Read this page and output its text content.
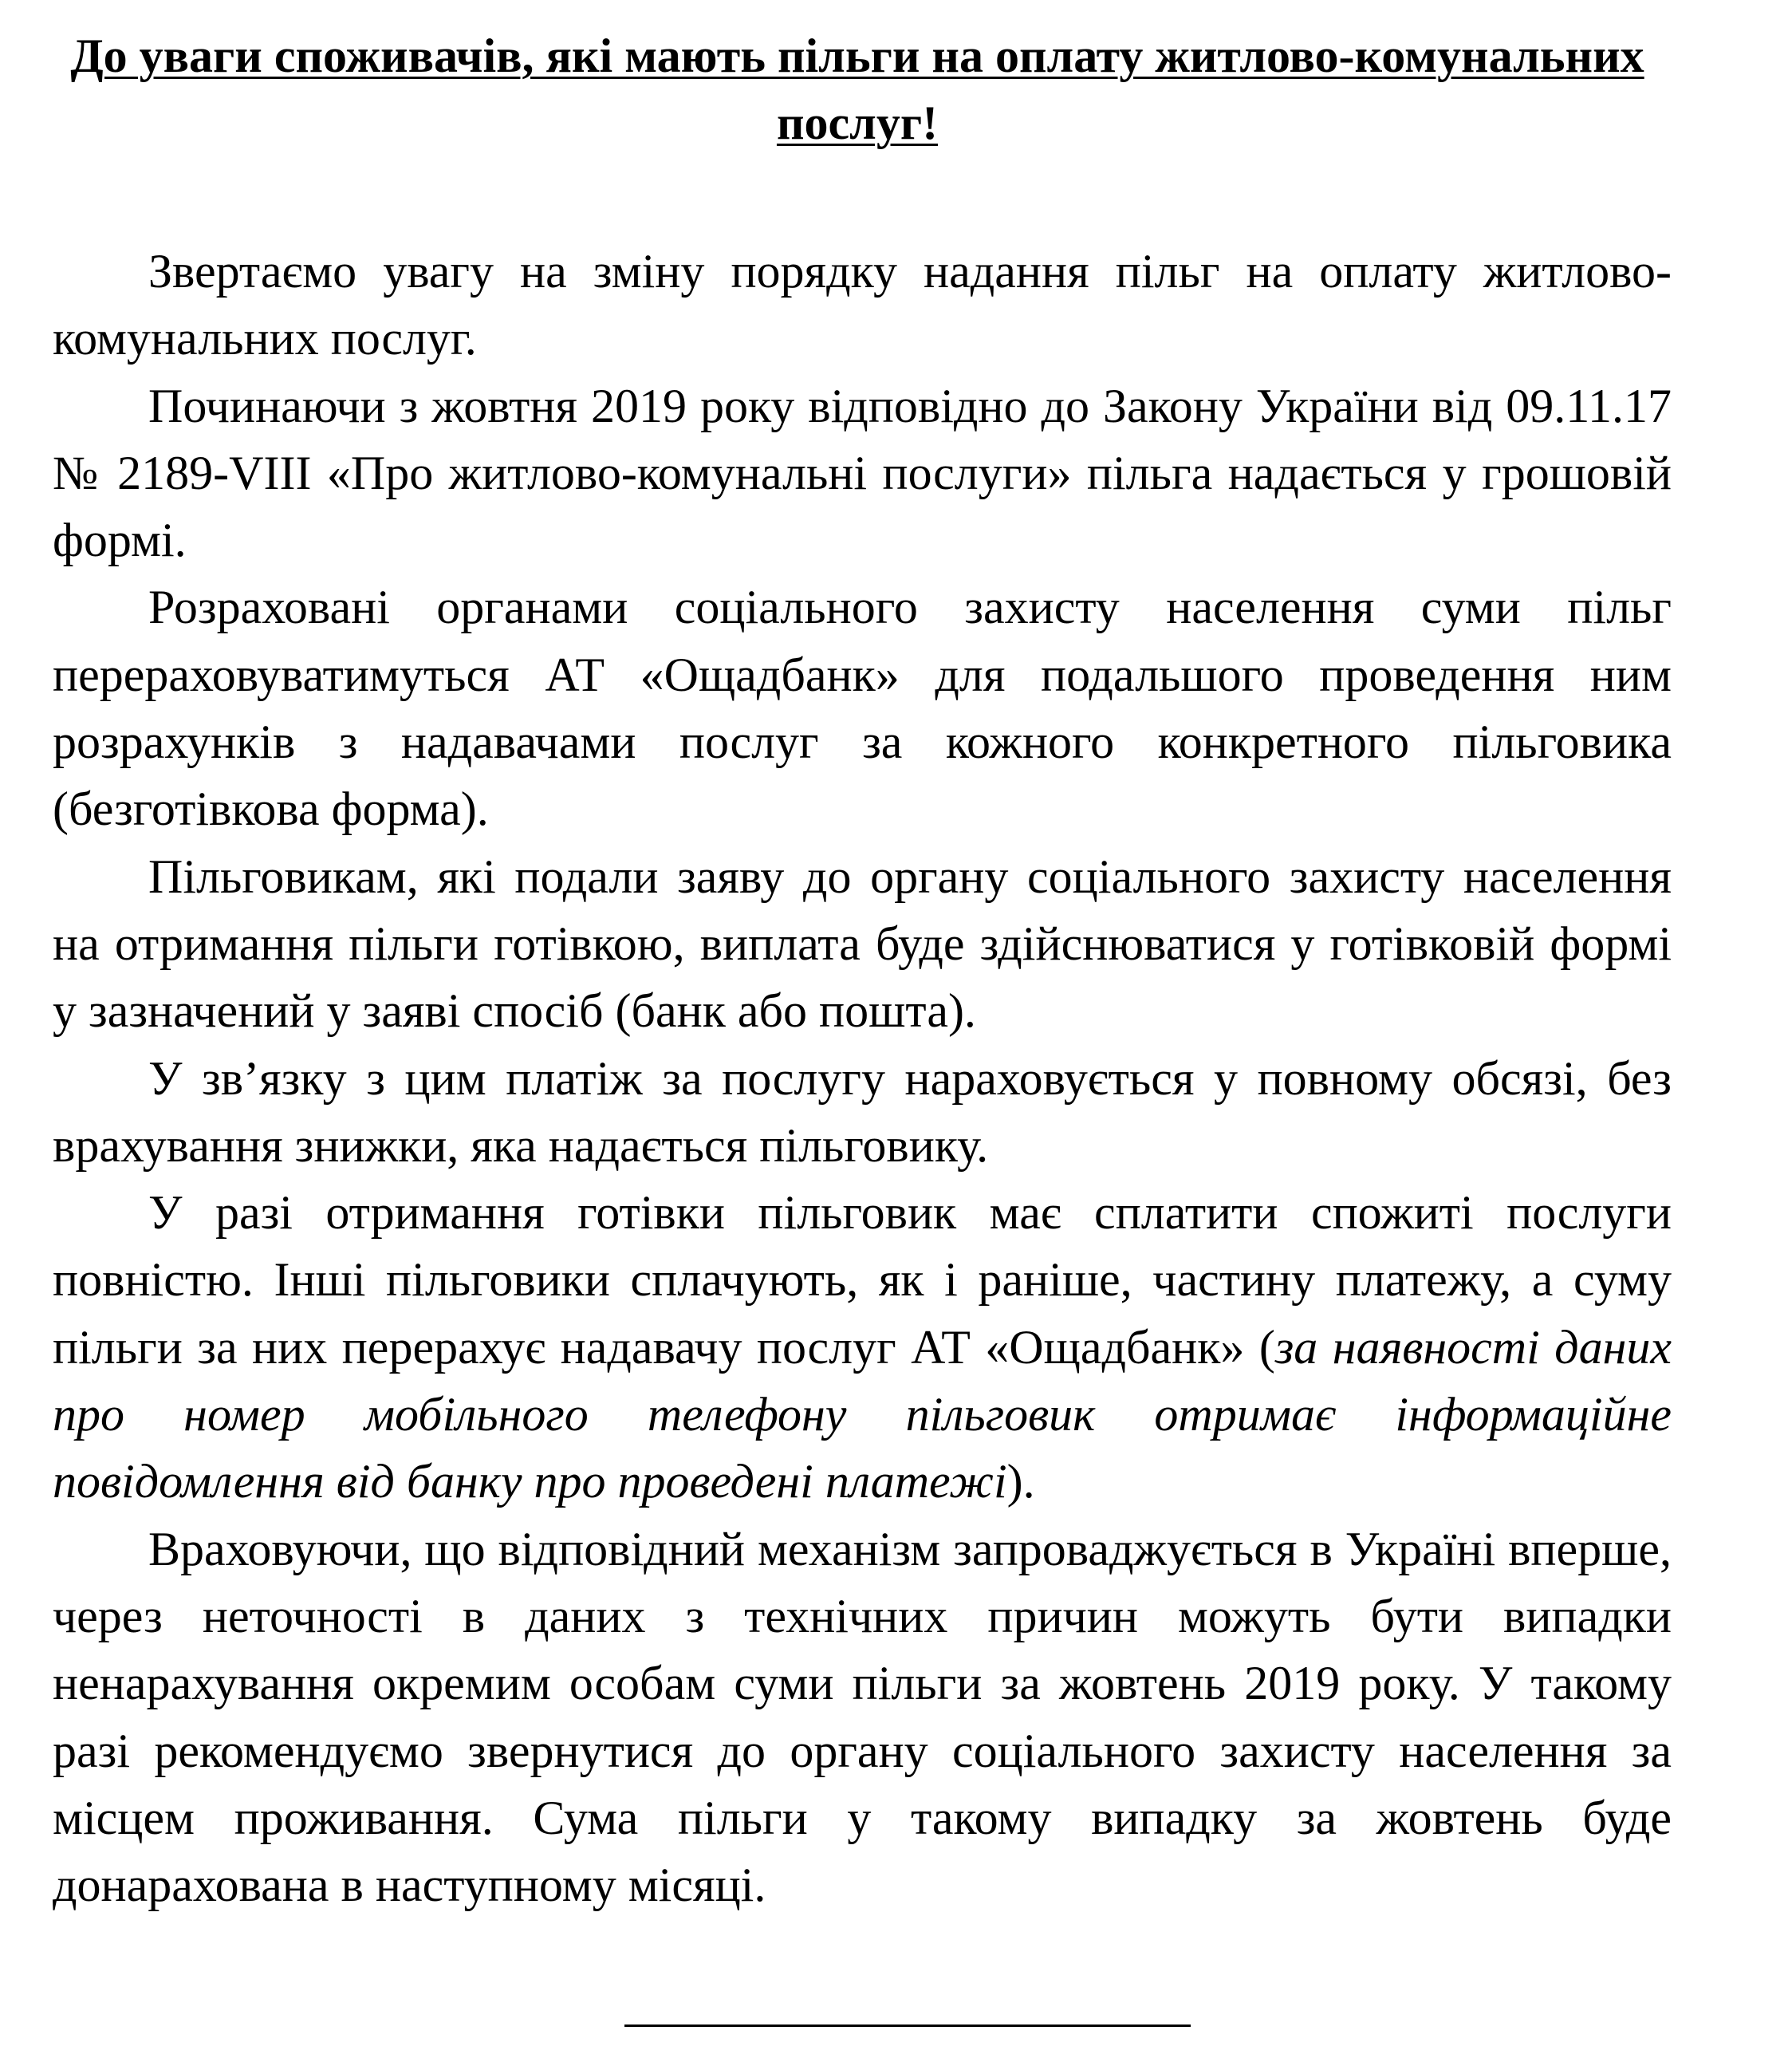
До уваги споживачів, які мають пільги на оплату житлово-комунальних послуг!

Звертаємо увагу на зміну порядку надання пільг на оплату житлово-комунальних послуг.

Починаючи з жовтня 2019 року відповідно до Закону України від 09.11.17 № 2189-VIII «Про житлово-комунальні послуги» пільга надається у грошовій формі.

Розраховані органами соціального захисту населення суми пільг перераховуватимуться АТ «Ощадбанк» для подальшого проведення ним розрахунків з надавачами послуг за кожного конкретного пільговика (безготівкова форма).

Пільговикам, які подали заяву до органу соціального захисту населення на отримання пільги готівкою, виплата буде здійснюватися у готівковій формі у зазначений у заяві спосіб (банк або пошта).

У зв’язку з цим платіж за послугу нараховується у повному обсязі, без врахування знижки, яка надається пільговику.

У разі отримання готівки пільговик має сплатити спожиті послуги повністю. Інші пільговики сплачують, як і раніше, частину платежу, а суму пільги за них перерахує надавачу послуг АТ «Ощадбанк» (за наявності даних про номер мобільного телефону пільговик отримає інформаційне повідомлення від банку про проведені платежі).

Враховуючи, що відповідний механізм запроваджується в Україні вперше, через неточності в даних з технічних причин можуть бути випадки ненарахування окремим особам суми пільги за жовтень 2019 року. У такому разі рекомендуємо звернутися до органу соціального захисту населення за місцем проживання. Сума пільги у такому випадку за жовтень буде донарахована в наступному місяці.
